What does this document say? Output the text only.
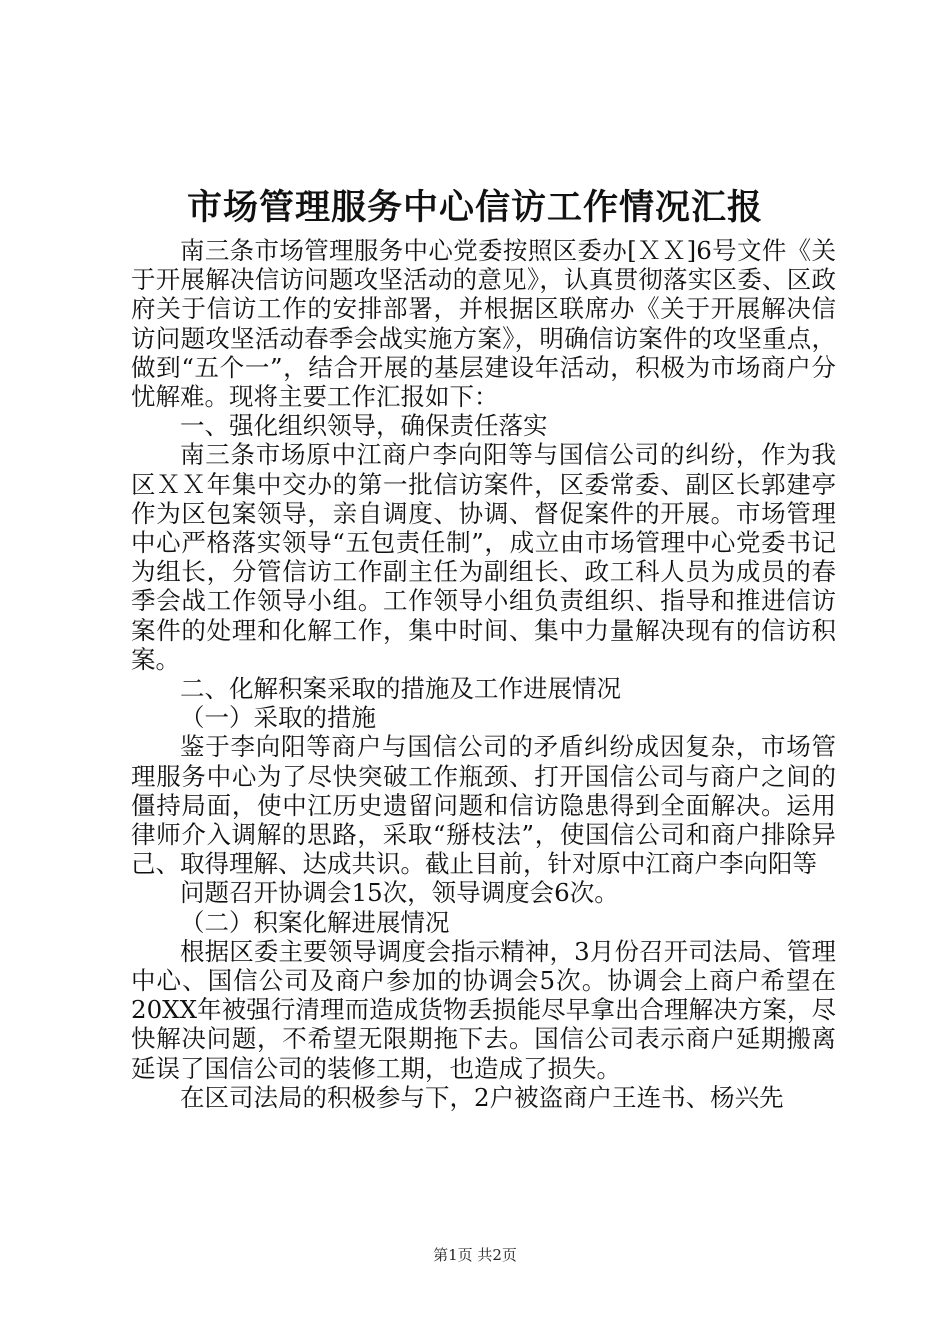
市场管理服务中心信访工作情况汇报

南三条市场管理服务中心党委按照区委办[ＸＸ]6号文件《关于开展解决信访问题攻坚活动的意见》，认真贯彻落实区委、区政府关于信访工作的安排部署，并根据区联席办《关于开展解决信访问题攻坚活动春季会战实施方案》，明确信访案件的攻坚重点，做到“五个一”，结合开展的基层建设年活动，积极为市场商户分忧解难。现将主要工作汇报如下：

一、强化组织领导，确保责任落实

南三条市场原中江商户李向阳等与国信公司的纠纷，作为我区ＸＸ年集中交办的第一批信访案件，区委常委、副区长郭建亭作为区包案领导，亲自调度、协调、督促案件的开展。市场管理中心严格落实领导“五包责任制”，成立由市场管理中心党委书记为组长，分管信访工作副主任为副组长、政工科人员为成员的春季会战工作领导小组。工作领导小组负责组织、指导和推进信访案件的处理和化解工作，集中时间、集中力量解决现有的信访积案。

二、化解积案采取的措施及工作进展情况

（一）采取的措施

鉴于李向阳等商户与国信公司的矛盾纠纷成因复杂，市场管理服务中心为了尽快突破工作瓶颈、打开国信公司与商户之间的僵持局面，使中江历史遗留问题和信访隐患得到全面解决。运用律师介入调解的思路，采取“掰枝法”，使国信公司和商户排除异己、取得理解、达成共识。截止目前，针对原中江商户李向阳等

问题召开协调会15次，领导调度会6次。

（二）积案化解进展情况

根据区委主要领导调度会指示精神，3月份召开司法局、管理中心、国信公司及商户参加的协调会5次。协调会上商户希望在20XX年被强行清理而造成货物丢损能尽早拿出合理解决方案，尽快解决问题，不希望无限期拖下去。国信公司表示商户延期搬离延误了国信公司的装修工期，也造成了损失。

在区司法局的积极参与下，2户被盗商户王连书、杨兴先

第1页 共2页
